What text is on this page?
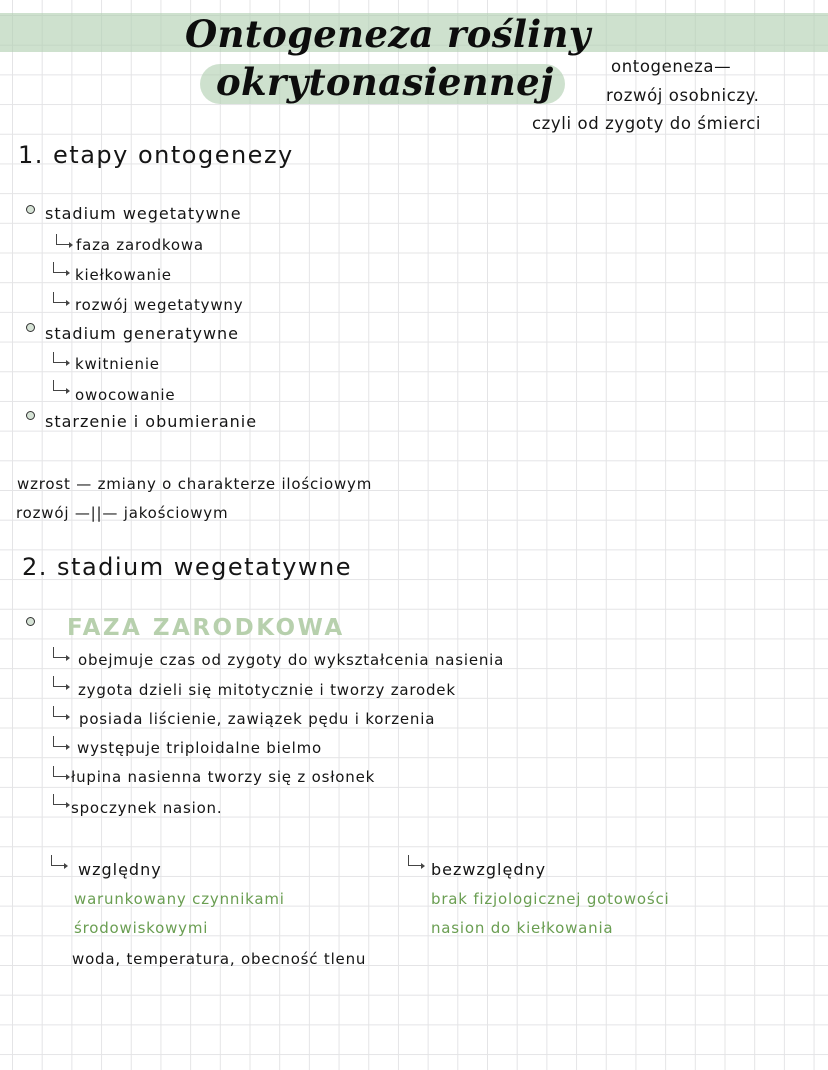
Ontogeneza rośliny
okrytonasiennej	ontogeneza—
rozwój osobniczy.
czyli od zygoty do śmierci
1. etapy ontogenezy
stadium wegetatywne
faza zarodkowa
kiełkowanie
rozwój wegetatywny
stadium generatywne
kwitnienie
owocowanie
starzenie i obumieranie
wzrost — zmiany o charakterze ilościowym
rozwój —||— jakościowym
2. stadium wegetatywne
FAZA ZARODKOWA
obejmuje czas od zygoty do wykształcenia nasienia
zygota dzieli się mitotycznie i tworzy zarodek
posiada liścienie, zawiązek pędu i korzenia
występuje triploidalne bielmo
łupina nasienna tworzy się z osłonek
spoczynek nasion.
względny
warunkowany czynnikami
środowiskowymi
woda, temperatura, obecność tlenu
bezwzględny
brak fizjologicznej gotowości
nasion do kiełkowania
